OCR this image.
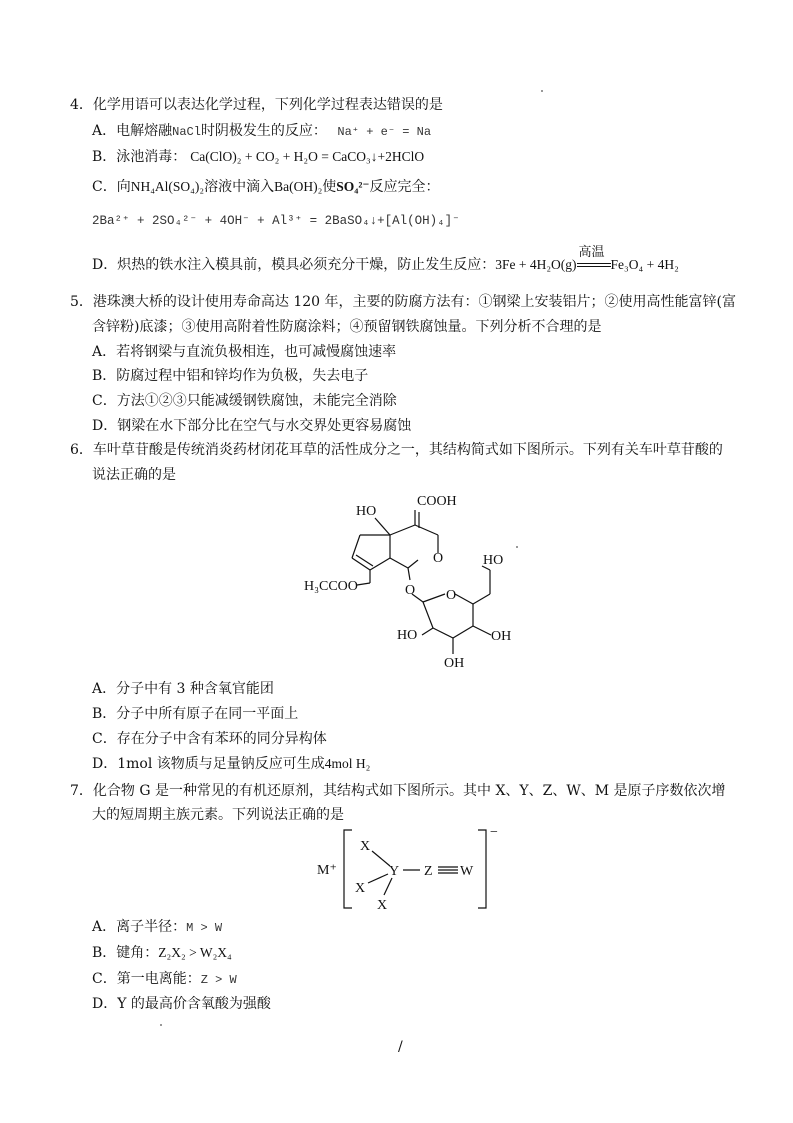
4．化学用语可以表达化学过程，下列化学过程表达错误的是
A．电解熔融NaCl时阴极发生的反应： Na⁺ + e⁻ = Na
B．泳池消毒： Ca(ClO)₂ + CO₂ + H₂O = CaCO₃↓+2HClO
C．向NH₄Al(SO₄)₂溶液中滴入Ba(OH)₂使SO₄²⁻反应完全：
2Ba²⁺ + 2SO₄²⁻ + 4OH⁻ + Al³⁺ = 2BaSO₄↓+[Al(OH)₄]⁻
D．炽热的铁水注入模具前，模具必须充分干燥，防止发生反应：3Fe + 4H₂O(g)
高温
Fe₃O₄ + 4H₂
5．港珠澳大桥的设计使用寿命高达 120 年，主要的防腐方法有：①钢梁上安装铝片；②使用高性能富锌(富
含锌粉)底漆；③使用高附着性防腐涂料；④预留钢铁腐蚀量。下列分析不合理的是
A．若将钢梁与直流负极相连，也可减慢腐蚀速率
B．防腐过程中铝和锌均作为负极，失去电子
C．方法①②③只能减缓钢铁腐蚀，未能完全消除
D．钢梁在水下部分比在空气与水交界处更容易腐蚀
6．车叶草苷酸是传统消炎药材闭花耳草的活性成分之一，其结构简式如下图所示。下列有关车叶草苷酸的
说法正确的是
COOH
HO
H₃CCOO
O
O O
HO
HO	OH
OH
A．分子中有 3 种含氧官能团
B．分子中所有原子在同一平面上
C．存在分子中含有苯环的同分异构体
D．1mol 该物质与足量钠反应可生成4mol H₂
7．化合物 G 是一种常见的有机还原剂，其结构式如下图所示。其中 X、Y、Z、W、M 是原子序数依次增
大的短周期主族元素。下列说法正确的是
M⁺
X
X
X
Y Z W
−
A．离子半径：M > W
B．键角：Z₂X₂ > W₂X₄
C．第一电离能：Z > W
D．Y 的最高价含氧酸为强酸
/
